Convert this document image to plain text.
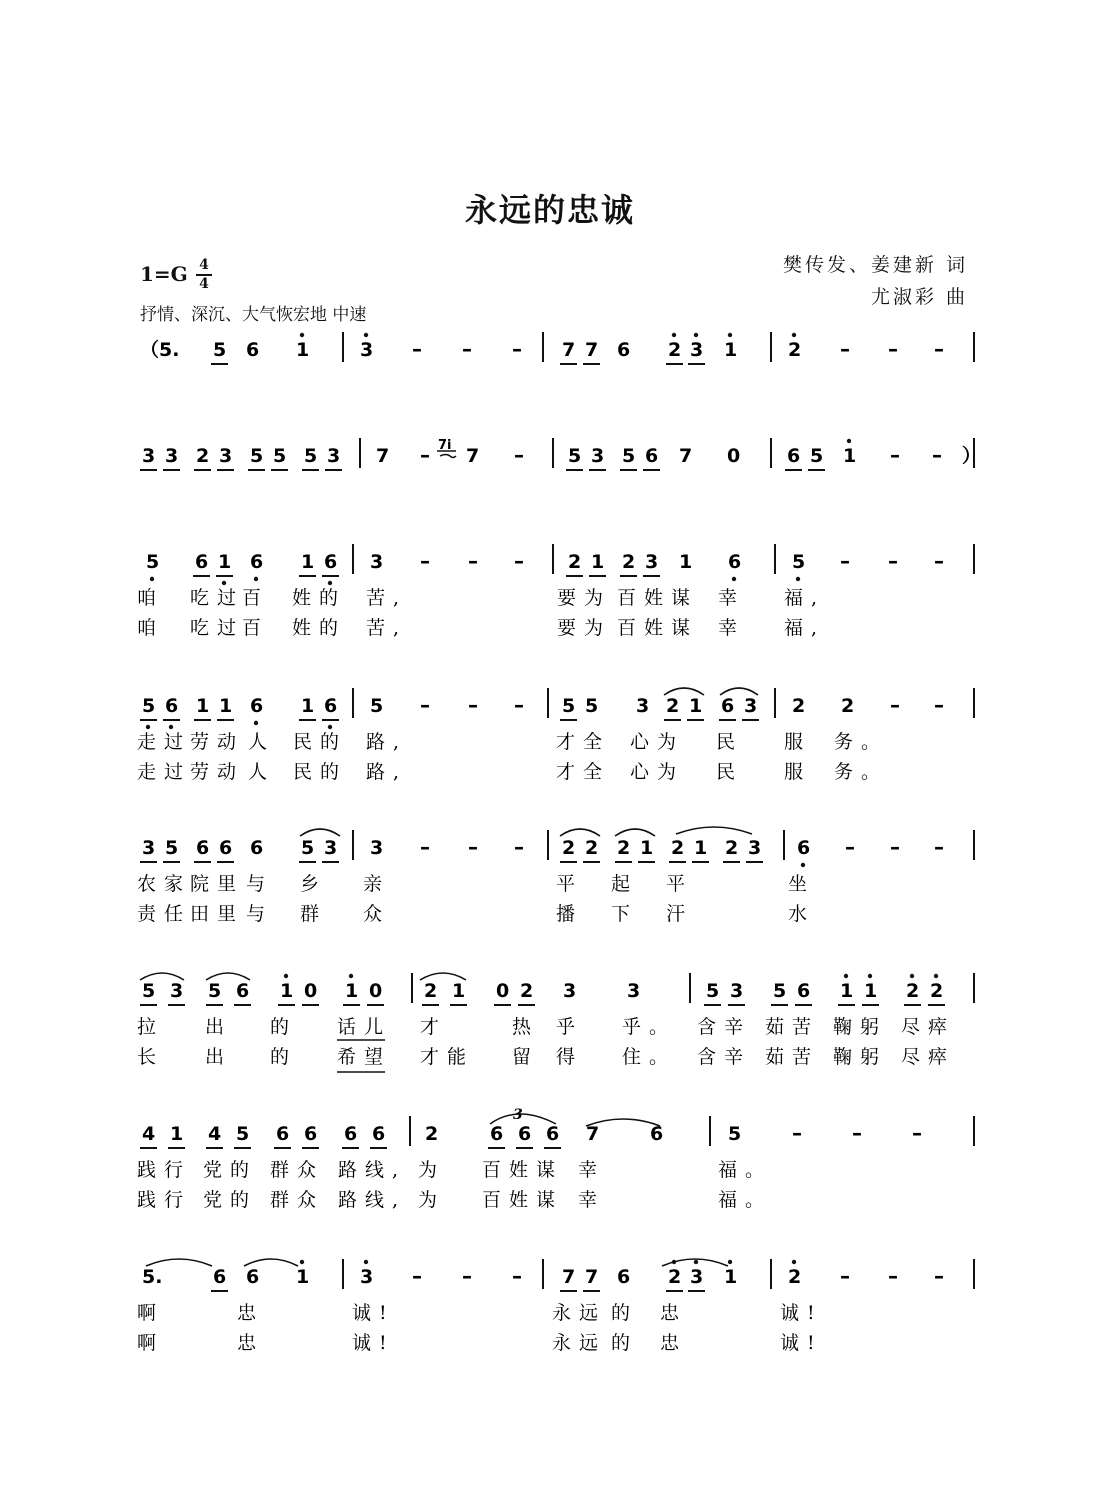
永远的忠诚
樊传发、姜建新 词
尤淑彩 曲
1=G 4
4
抒情、深沉、大气恢宏地 中速
（5. 5 6 1	3 – – – 7 7 6 2 3 1	2 – – –
3 3 2 3 5 5 5 3 7 – 7 – 5 3 5 6 7 0 6 5 1 – – ）
5 6 1 6 1 6 3 – – – 2 1 2 3 1 6	5 – – –
咱 吃过
百 姓的 苦,	要为 百姓谋 幸 福,
咱 吃过
百 姓的 苦,	要为 百姓谋 幸 福,
5 6 1 1 6 1 6 5 – – – 5 5 3 2 1 6 3 2 2 – –
走过
劳动 人 民的 路,	才全 心为 民 服 务。
走过
劳动 人 民的 路,	才全 心为 民 服 务。
3 5 6 6 6 5 3 3 – – – 2 2 2 1 2 1 2 3 6 – – –
农家
院里 与 乡 亲	平 起 平	坐
责任
田里 与 群 众	播 下 汗	水
5 3 5 6 1 0 1 0 2 1 0 2 3	3	5 3 5 6 1 1 2 2
拉 出 的 话儿 才	热 乎 乎。 含辛 茹苦 鞠躬 尽瘁
长 出 的 希望 才能 留 得 住。 含辛 茹苦 鞠躬 尽瘁
4 1 4 5 6 6 6 6 2	6 6 6 7	6	5	–	–	–
践行 党的 群众 路线, 为 百姓谋 幸	福。
践行 党的 群众 路线, 为 百姓谋 幸	福。
5.	6 6 1	3 – – – 7 7 6 2 3 1	2 – – –
啊	忠	诚!	永远 的 忠	诚!
啊	忠	诚!	永远 的 忠	诚!
7i
3
